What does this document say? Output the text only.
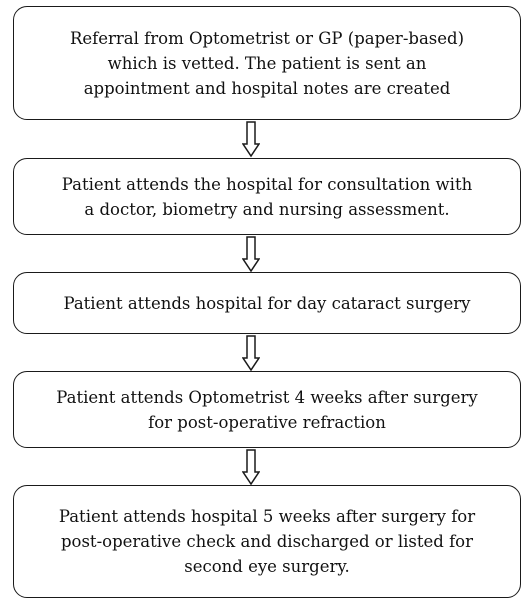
Referral from Optometrist or GP (paper-based)
which is vetted. The patient is sent an
appointment and hospital notes are created
Patient attends the hospital for consultation with
a doctor, biometry and nursing assessment.
Patient attends hospital for day cataract surgery
Patient attends Optometrist 4 weeks after surgery
for post-operative refraction
Patient attends hospital 5 weeks after surgery for
post-operative check and discharged or listed for
second eye surgery.
